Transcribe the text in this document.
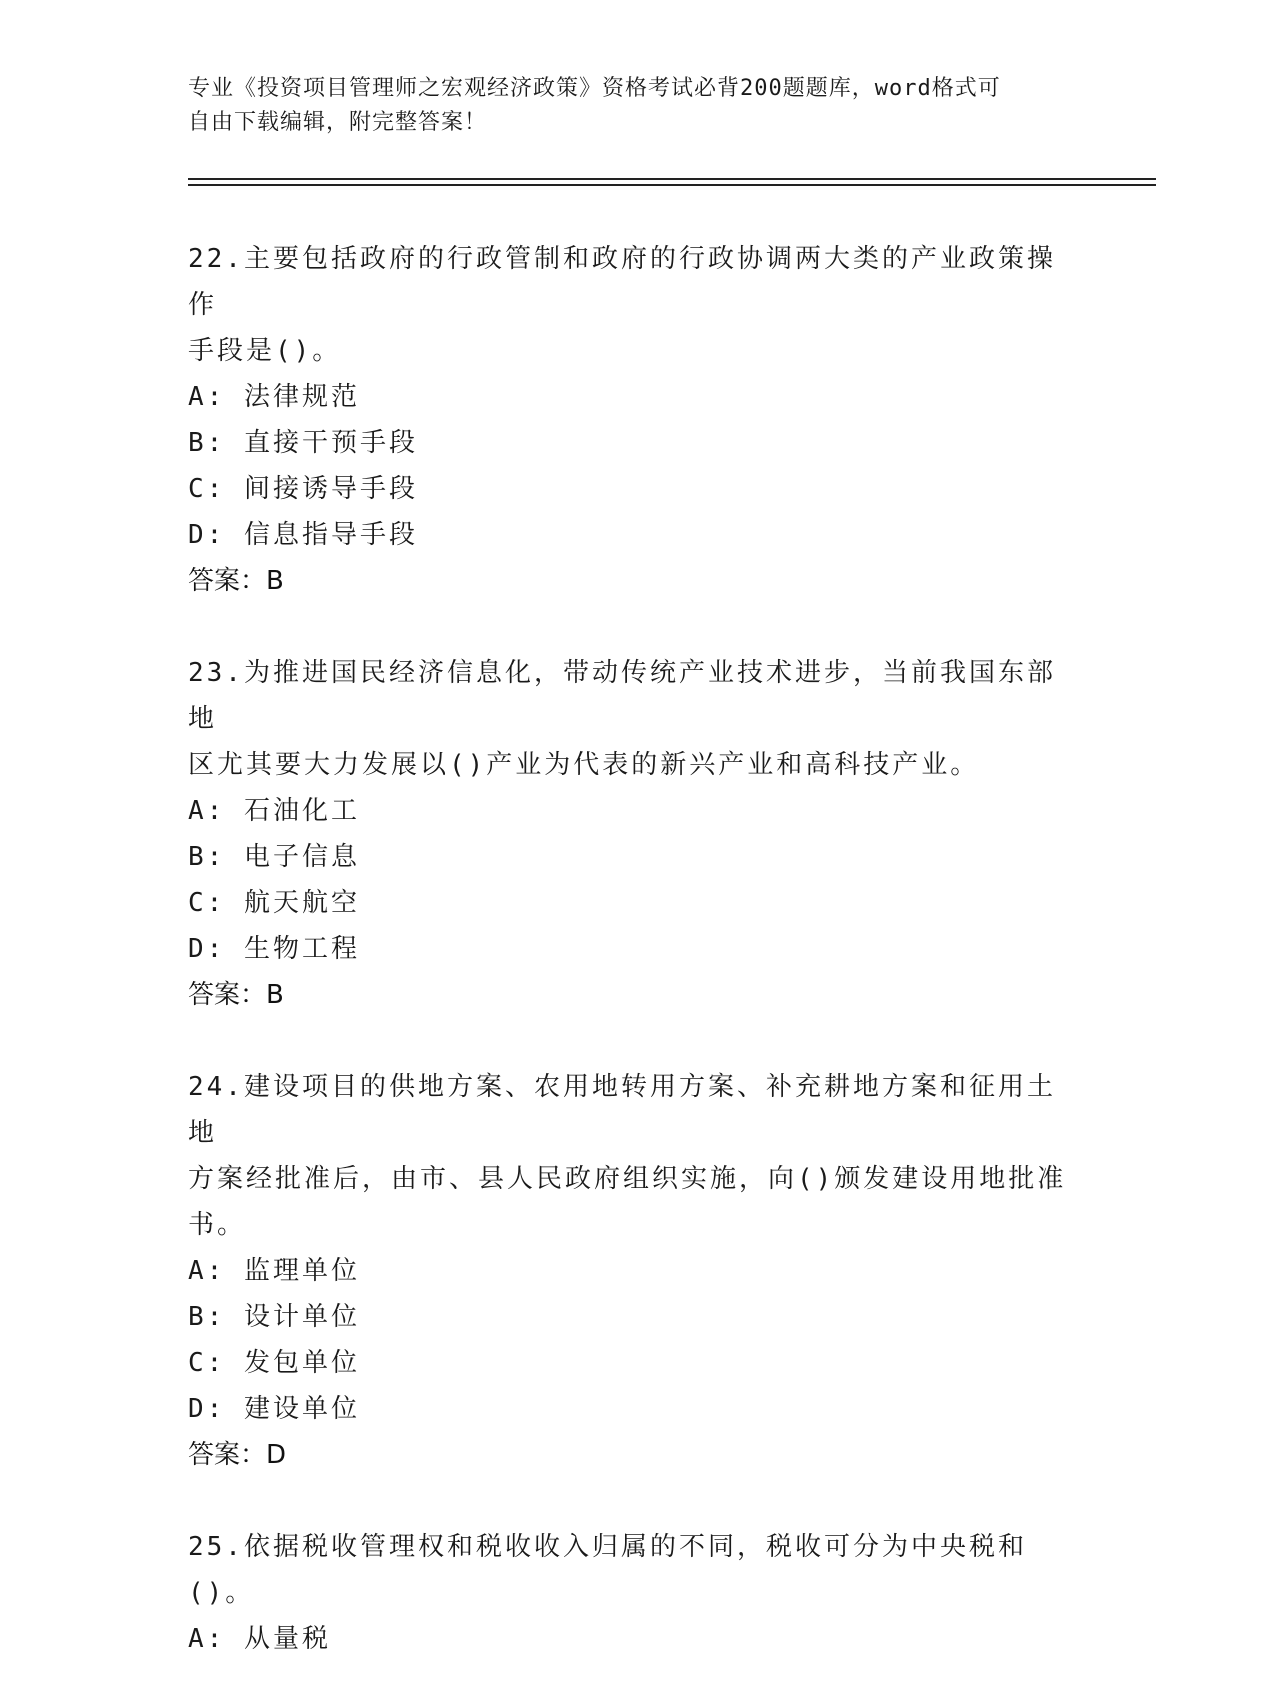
专业《投资项目管理师之宏观经济政策》资格考试必背200题题库，word格式可

自由下载编辑，附完整答案！

22.主要包括政府的行政管制和政府的行政协调两大类的产业政策操作

手段是()。

A: 法律规范

B: 直接干预手段

C: 间接诱导手段

D: 信息指导手段

答案：B

23.为推进国民经济信息化，带动传统产业技术进步，当前我国东部地

区尤其要大力发展以()产业为代表的新兴产业和高科技产业。

A: 石油化工

B: 电子信息

C: 航天航空

D: 生物工程

答案：B

24.建设项目的供地方案、农用地转用方案、补充耕地方案和征用土地

方案经批准后，由市、县人民政府组织实施，向()颁发建设用地批准

书。

A: 监理单位

B: 设计单位

C: 发包单位

D: 建设单位

答案：D

25.依据税收管理权和税收收入归属的不同，税收可分为中央税和()。

A: 从量税
